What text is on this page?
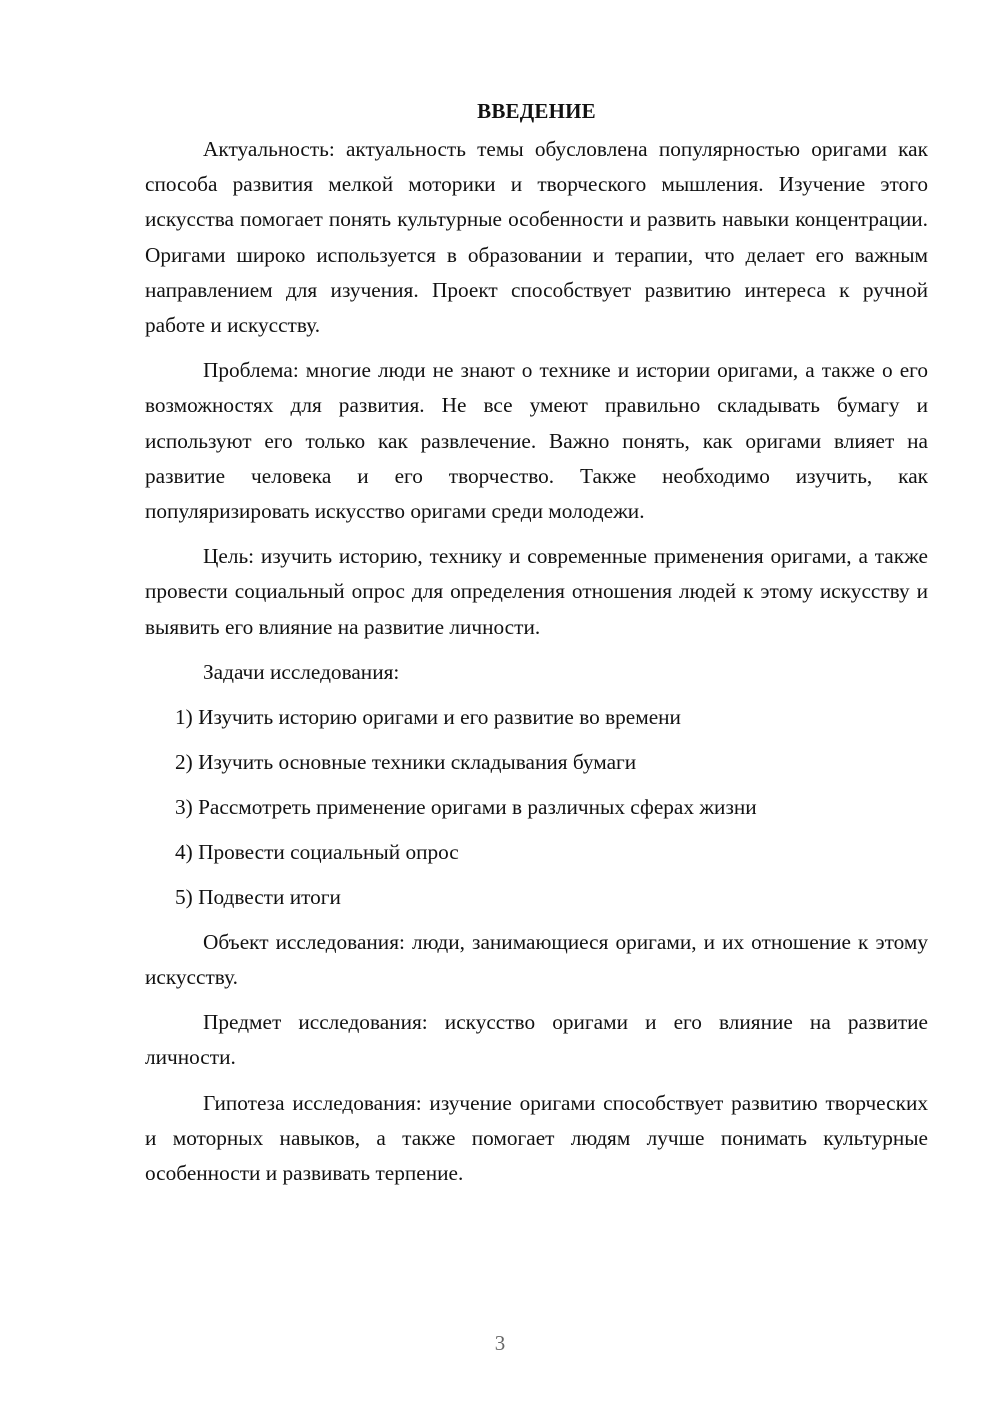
ВВЕДЕНИЕ

Актуальность: актуальность темы обусловлена популярностью оригами как способа развития мелкой моторики и творческого мышления. Изучение этого искусства помогает понять культурные особенности и развить навыки концентрации. Оригами широко используется в образовании и терапии, что делает его важным направлением для изучения. Проект способствует развитию интереса к ручной работе и искусству.

Проблема: многие люди не знают о технике и истории оригами, а также о его возможностях для развития. Не все умеют правильно складывать бумагу и используют его только как развлечение. Важно понять, как оригами влияет на развитие человека и его творчество. Также необходимо изучить, как популяризировать искусство оригами среди молодежи.

Цель: изучить историю, технику и современные применения оригами, а также провести социальный опрос для определения отношения людей к этому искусству и выявить его влияние на развитие личности.

Задачи исследования:

1) Изучить историю оригами и его развитие во времени
2) Изучить основные техники складывания бумаги
3) Рассмотреть применение оригами в различных сферах жизни
4) Провести социальный опрос
5) Подвести итоги

Объект исследования: люди, занимающиеся оригами, и их отношение к этому искусству.

Предмет исследования: искусство оригами и его влияние на развитие личности.

Гипотеза исследования: изучение оригами способствует развитию творческих и моторных навыков, а также помогает людям лучше понимать культурные особенности и развивать терпение.

3
